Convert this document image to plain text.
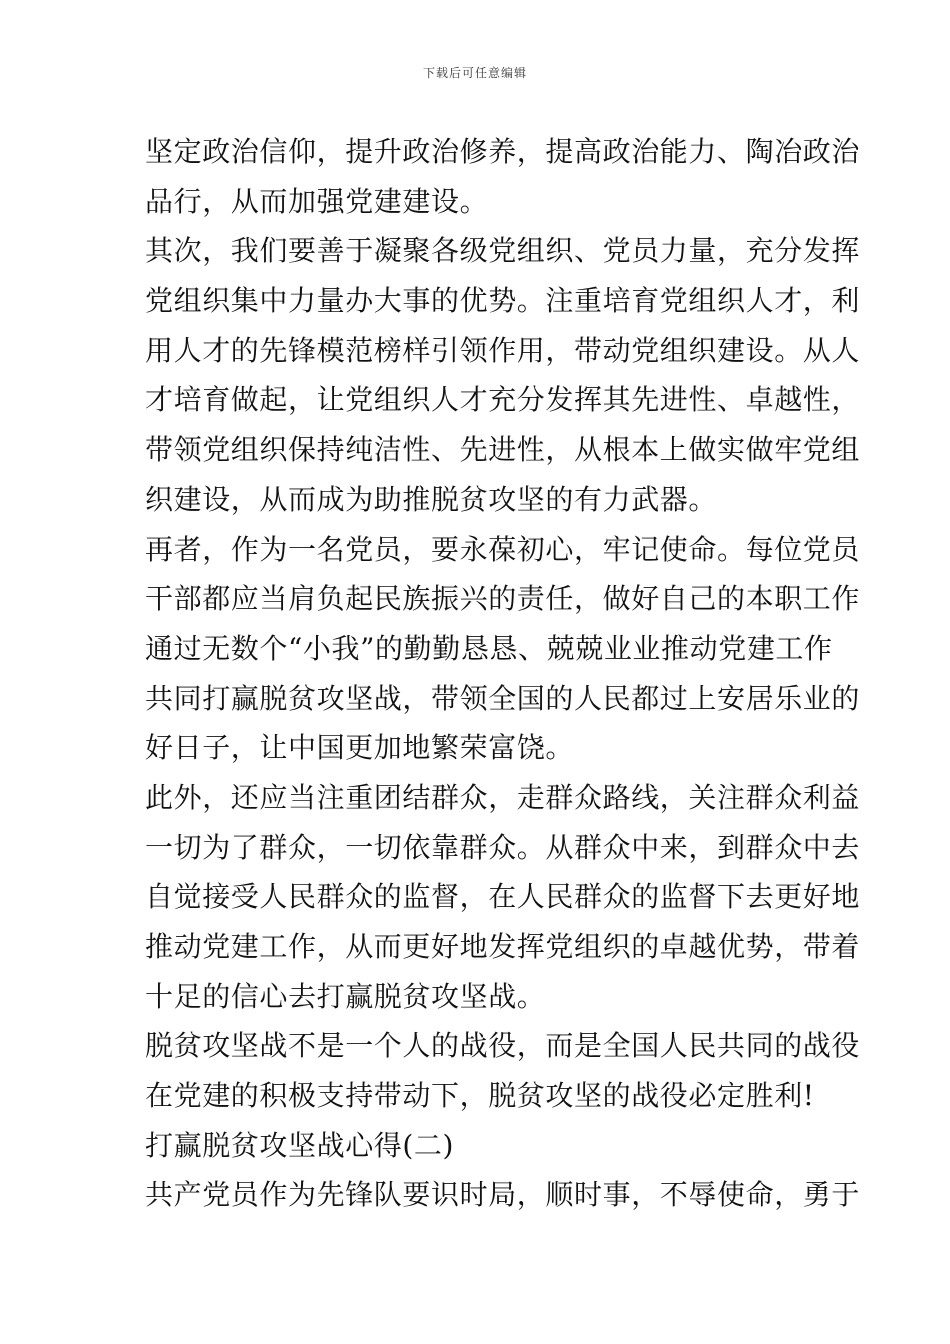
下载后可任意编辑
坚定政治信仰，提升政治修养，提高政治能力、陶冶政治
品行，从而加强党建建设。
其次，我们要善于凝聚各级党组织、党员力量，充分发挥
党组织集中力量办大事的优势。注重培育党组织人才，利
用人才的先锋模范榜样引领作用，带动党组织建设。从人
才培育做起，让党组织人才充分发挥其先进性、卓越性，
带领党组织保持纯洁性、先进性，从根本上做实做牢党组
织建设，从而成为助推脱贫攻坚的有力武器。
再者，作为一名党员，要永葆初心，牢记使命。每位党员
干部都应当肩负起民族振兴的责任，做好自己的本职工作
通过无数个“小我”的勤勤恳恳、兢兢业业推动党建工作
共同打赢脱贫攻坚战，带领全国的人民都过上安居乐业的
好日子，让中国更加地繁荣富饶。
此外，还应当注重团结群众，走群众路线，关注群众利益
一切为了群众，一切依靠群众。从群众中来，到群众中去
自觉接受人民群众的监督，在人民群众的监督下去更好地
推动党建工作，从而更好地发挥党组织的卓越优势，带着
十足的信心去打赢脱贫攻坚战。
脱贫攻坚战不是一个人的战役，而是全国人民共同的战役
在党建的积极支持带动下，脱贫攻坚的战役必定胜利!
打赢脱贫攻坚战心得(二)
共产党员作为先锋队要识时局，顺时事，不辱使命，勇于
